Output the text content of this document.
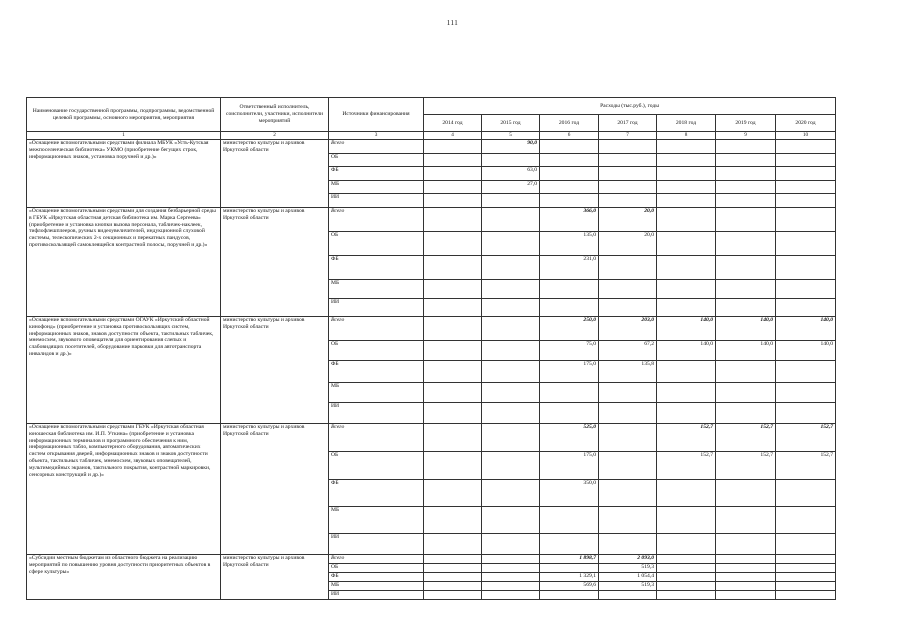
111
Наименование государственной программы, подпрограммы, ведомственной целевой программы, основного мероприятия, мероприятия	Ответственный исполнитель, соисполнители, участники, исполнители мероприятий	Источники финансирования	Расходы (тыс.руб.), годы						
			2014 год	2015 год	2016 год	2017 год	2018 год	2019 год	2020 год
1	2	3	4	5	6	7	8	9	10
«Оснащение вспомогательными средствами филиала МБУК «Усть-Кутская межпоселенческая библиотека» УКМО (приобретение бегущих строк, информационных знаков, установка поручней и др.)»	министерство культуры и архивов Иркутской области	Всего		90,0					
		ОБ							
		ФБ		63,0					
		МБ		27,0					
		ИИ							
«Оснащение вспомогательными средствами для создания безбарьерной среды в ГБУК «Иркутская областная детская библиотека им. Марка Сергеева» (приобретение и установка кнопки вызова персонала, табличек-наклеек, тифлофлешплееров, ручных видеоувеличителей, индукционной слуховой системы, телескопических 2-х секционных и перекатных пандусов, противоскользящей самоклеящейся контрастной полосы, поручней и др.)»	министерство культуры и архивов Иркутской области	Всего			366,0	20,0			
		ОБ			135,0	20,0			
		ФБ			231,0				
		МБ							
		ИИ							
«Оснащение вспомогательными средствами ОГАУК «Иркутский областной кинофонд» (приобретение и установка противоскользящих систем, информационных знаков, знаков доступности объекта, тактильных табличек, мнемосхем, звукового оповещателя для ориентирования слепых и слабовидящих посетителей, оборудование парковки для автотранспорта инвалидов и др.)»	министерство культуры и архивов Иркутской области	Всего			250,0	203,0	140,0	140,0	140,0
		ОБ			75,0	67,2	140,0	140,0	140,0
		ФБ			175,0	135,8			
		МБ							
		ИИ							
«Оснащение вспомогательными средствами ГБУК «Иркутская областная юношеская библиотека им. И.П. Уткина» (приобретение и установка информационных терминалов и программного обеспечения к ним, информационных табло, компьютерного оборудования, автоматических систем открывания дверей, информационных знаков и знаков доступности объекта, тактильных табличек, мнемосхем, звуковых оповещателей, мультимедийных экранов, тактильного покрытия, контрастной маркировки, сенсорных конструкций и др.)»	министерство культуры и архивов Иркутской области	Всего			525,0		152,7	152,7	152,7
		ОБ			175,0		152,7	152,7	152,7
		ФБ			350,0				
		МБ							
		ИИ							
«Субсидии местным бюджетам из областного бюджета на реализацию мероприятий по повышению уровня доступности приоритетных объектов в сфере культуры»	министерство культуры и архивов Иркутской области	Всего			1 898,7	2 093,0			
		ОБ				519,3			
		ФБ			1 329,1	1 054,4			
		МБ			569,6	519,3			
		ИИ							
